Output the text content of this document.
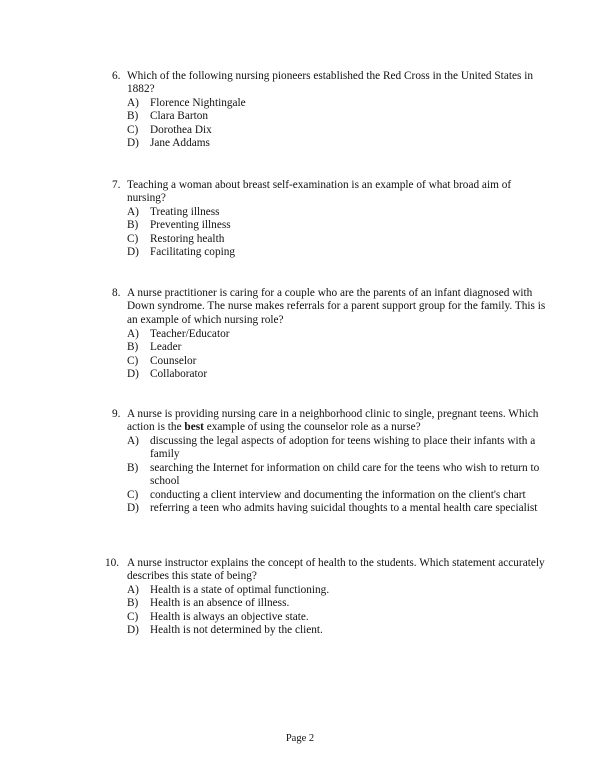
6. Which of the following nursing pioneers established the Red Cross in the United States in 1882?
A) Florence Nightingale
B) Clara Barton
C) Dorothea Dix
D) Jane Addams
7. Teaching a woman about breast self-examination is an example of what broad aim of nursing?
A) Treating illness
B) Preventing illness
C) Restoring health
D) Facilitating coping
8. A nurse practitioner is caring for a couple who are the parents of an infant diagnosed with Down syndrome. The nurse makes referrals for a parent support group for the family. This is an example of which nursing role?
A) Teacher/Educator
B) Leader
C) Counselor
D) Collaborator
9. A nurse is providing nursing care in a neighborhood clinic to single, pregnant teens. Which action is the best example of using the counselor role as a nurse?
A) discussing the legal aspects of adoption for teens wishing to place their infants with a family
B) searching the Internet for information on child care for the teens who wish to return to school
C) conducting a client interview and documenting the information on the client's chart
D) referring a teen who admits having suicidal thoughts to a mental health care specialist
10. A nurse instructor explains the concept of health to the students. Which statement accurately describes this state of being?
A) Health is a state of optimal functioning.
B) Health is an absence of illness.
C) Health is always an objective state.
D) Health is not determined by the client.
Page 2
